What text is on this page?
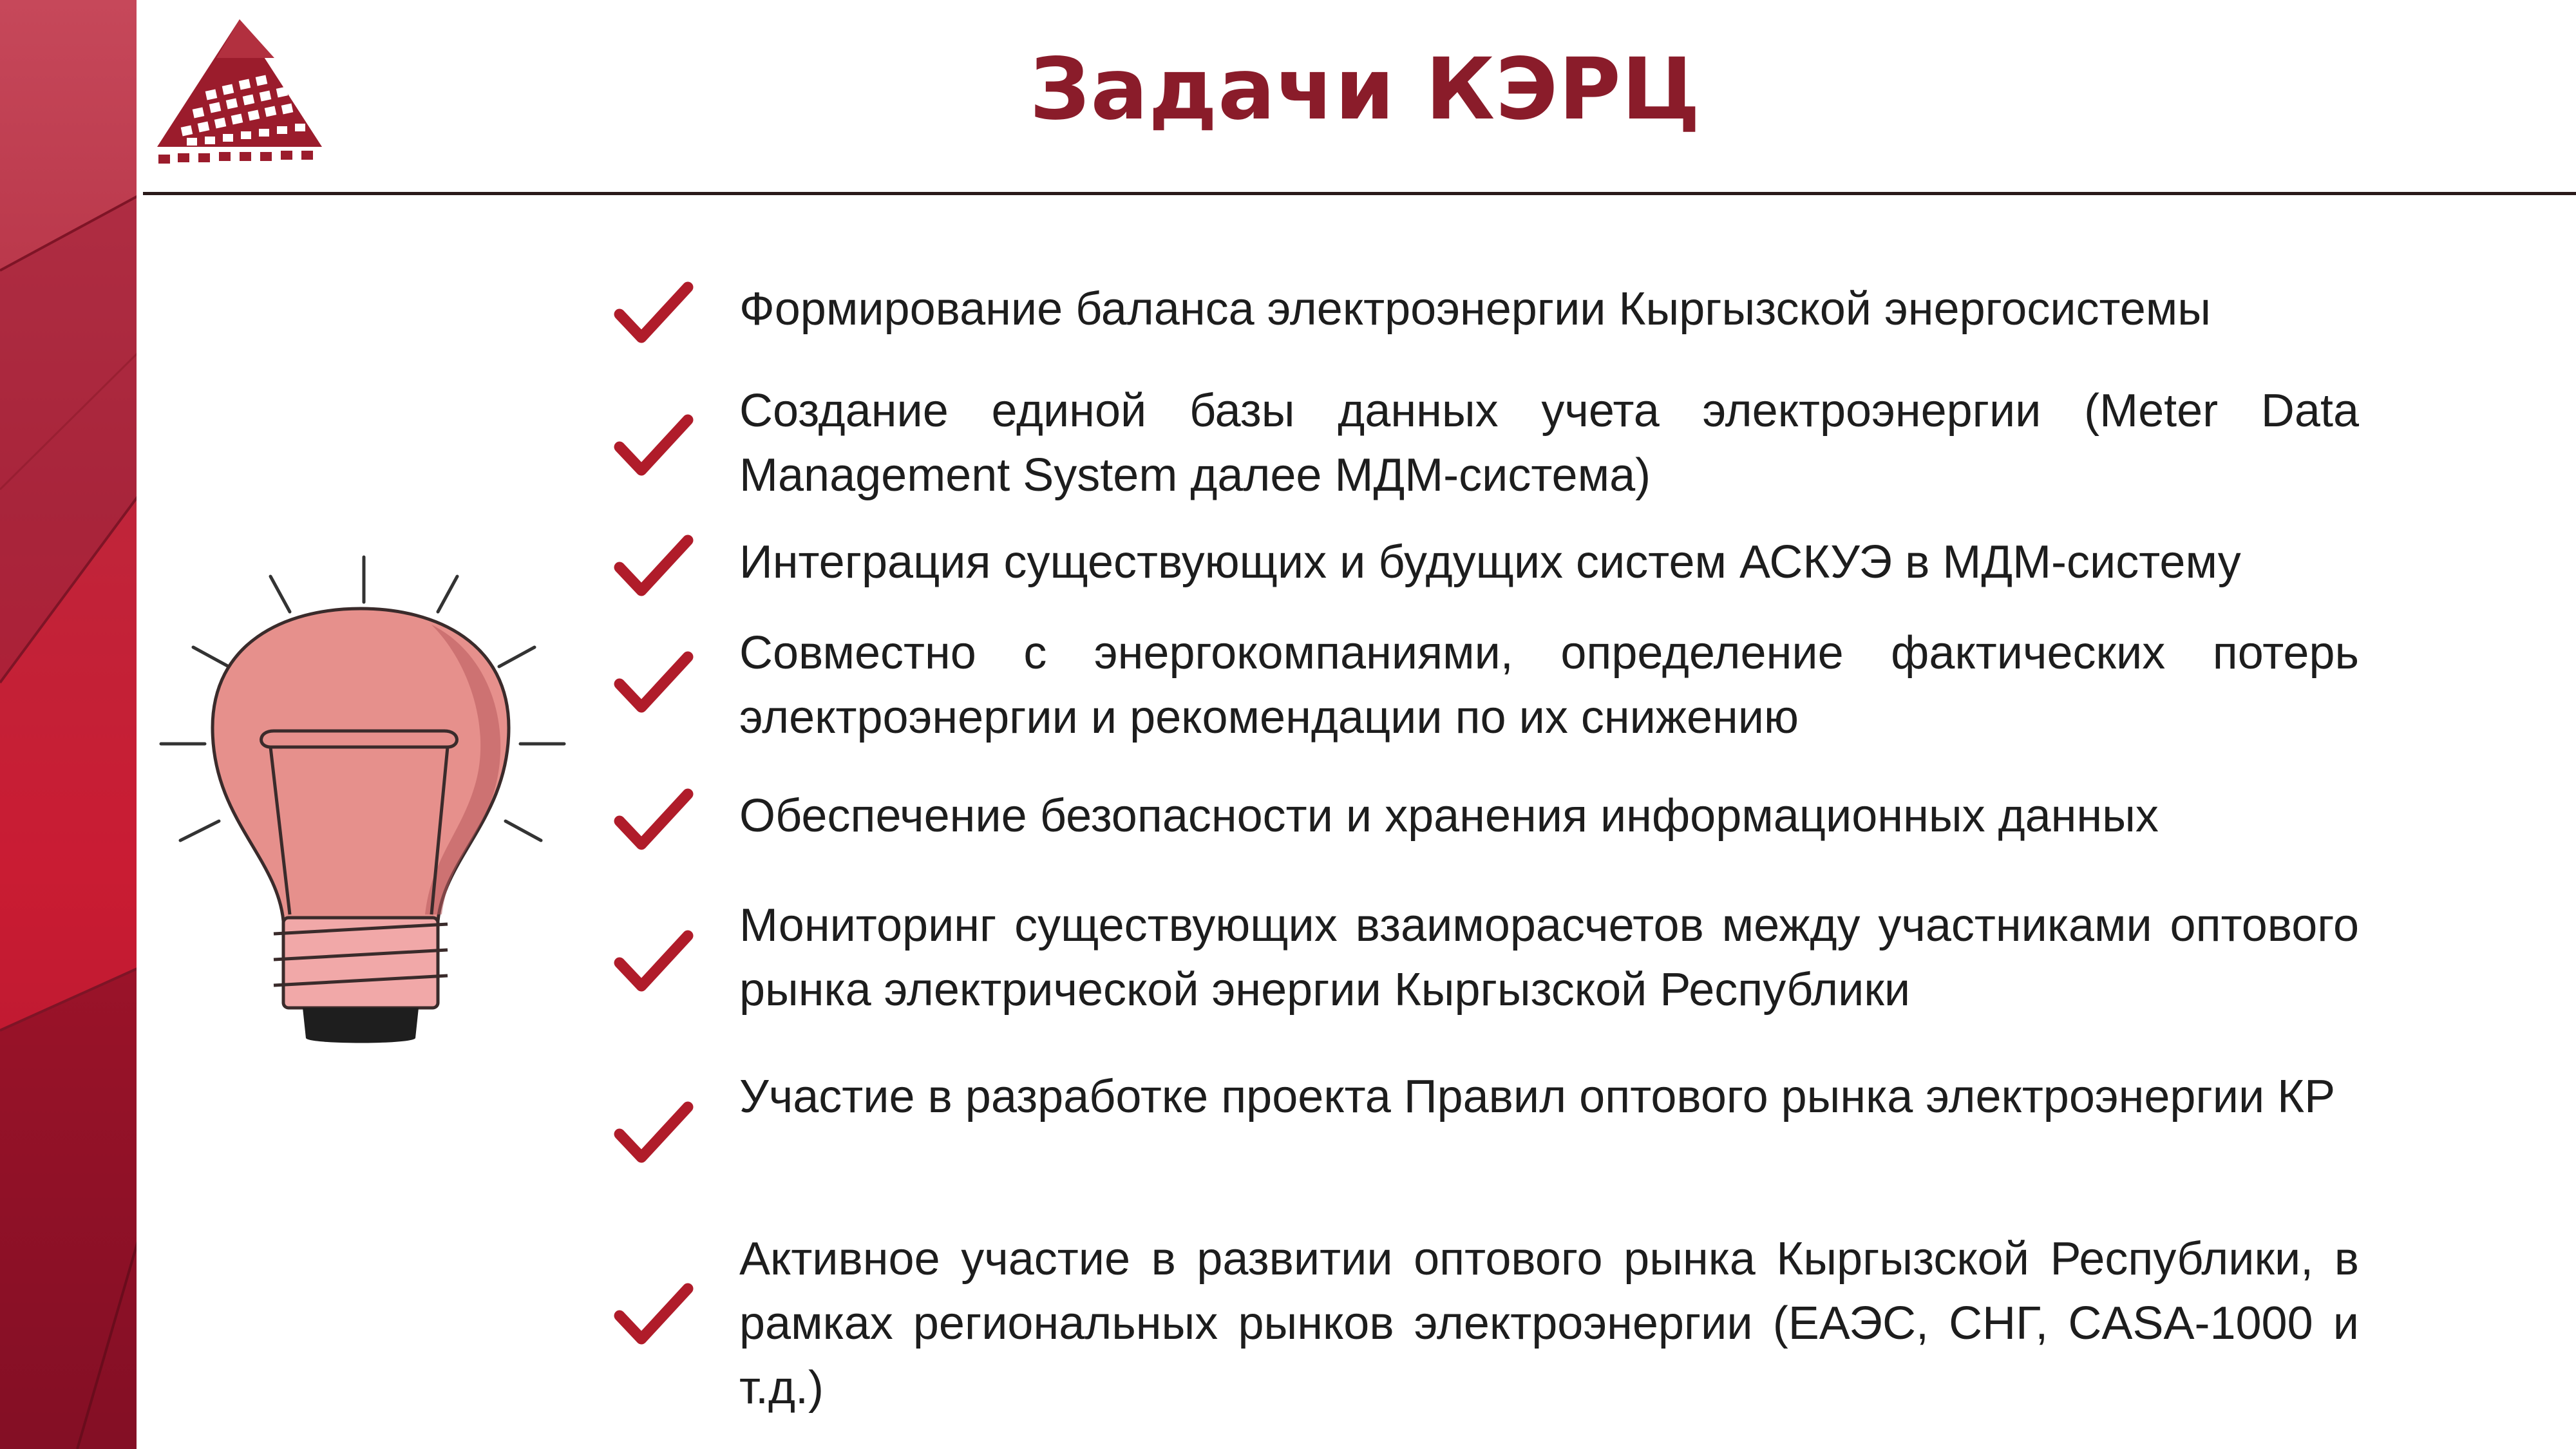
Задачи КЭРЦ

Формирование баланса электроэнергии Кыргызской энергосистемы

Создание единой базы данных учета электроэнергии (Meter Data Management System далее МДМ-система)

Интеграция существующих и будущих систем АСКУЭ в МДМ-систему

Совместно с энергокомпаниями, определение фактических потерь электроэнергии и рекомендации по их снижению

Обеспечение безопасности и хранения информационных данных

Мониторинг существующих взаиморасчетов между участниками оптового рынка электрической энергии Кыргызской Республики

Участие в разработке проекта Правил оптового рынка электроэнергии КР

Активное участие в развитии оптового рынка Кыргызской Республики, в рамках региональных рынков электроэнергии (ЕАЭС, СНГ, CASA-1000 и т.д.)
